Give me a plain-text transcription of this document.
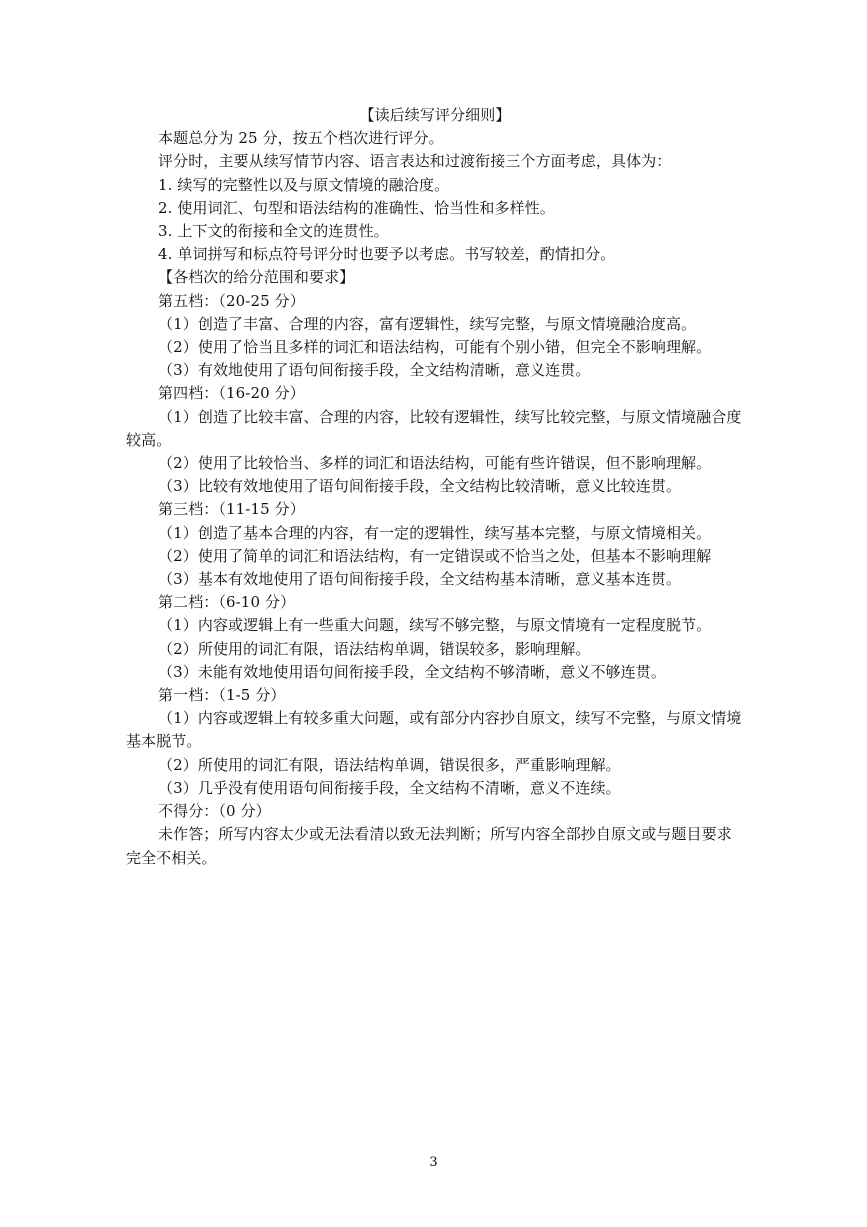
【读后续写评分细则】

本题总分为 25 分，按五个档次进行评分。

评分时，主要从续写情节内容、语言表达和过渡衔接三个方面考虑，具体为：

1. 续写的完整性以及与原文情境的融洽度。

2. 使用词汇、句型和语法结构的准确性、恰当性和多样性。

3. 上下文的衔接和全文的连贯性。

4. 单词拼写和标点符号评分时也要予以考虑。书写较差，酌情扣分。

【各档次的给分范围和要求】

第五档：（20-25 分）

（1）创造了丰富、合理的内容，富有逻辑性，续写完整，与原文情境融洽度高。

（2）使用了恰当且多样的词汇和语法结构，可能有个别小错，但完全不影响理解。

（3）有效地使用了语句间衔接手段，全文结构清晰，意义连贯。

第四档：（16-20 分）

（1）创造了比较丰富、合理的内容，比较有逻辑性，续写比较完整，与原文情境融合度较高。

（2）使用了比较恰当、多样的词汇和语法结构，可能有些许错误，但不影响理解。

（3）比较有效地使用了语句间衔接手段，全文结构比较清晰，意义比较连贯。

第三档：（11-15 分）

（1）创造了基本合理的内容，有一定的逻辑性，续写基本完整，与原文情境相关。

（2）使用了简单的词汇和语法结构，有一定错误或不恰当之处，但基本不影响理解

（3）基本有效地使用了语句间衔接手段，全文结构基本清晰，意义基本连贯。

第二档：（6-10 分）

（1）内容或逻辑上有一些重大问题，续写不够完整，与原文情境有一定程度脱节。

（2）所使用的词汇有限，语法结构单调，错误较多，影响理解。

（3）未能有效地使用语句间衔接手段，全文结构不够清晰，意义不够连贯。

第一档：（1-5 分）

（1）内容或逻辑上有较多重大问题，或有部分内容抄自原文，续写不完整，与原文情境基本脱节。

（2）所使用的词汇有限，语法结构单调，错误很多，严重影响理解。

（3）几乎没有使用语句间衔接手段，全文结构不清晰，意义不连续。

不得分：（0 分）

未作答；所写内容太少或无法看清以致无法判断；所写内容全部抄自原文或与题目要求完全不相关。

3
